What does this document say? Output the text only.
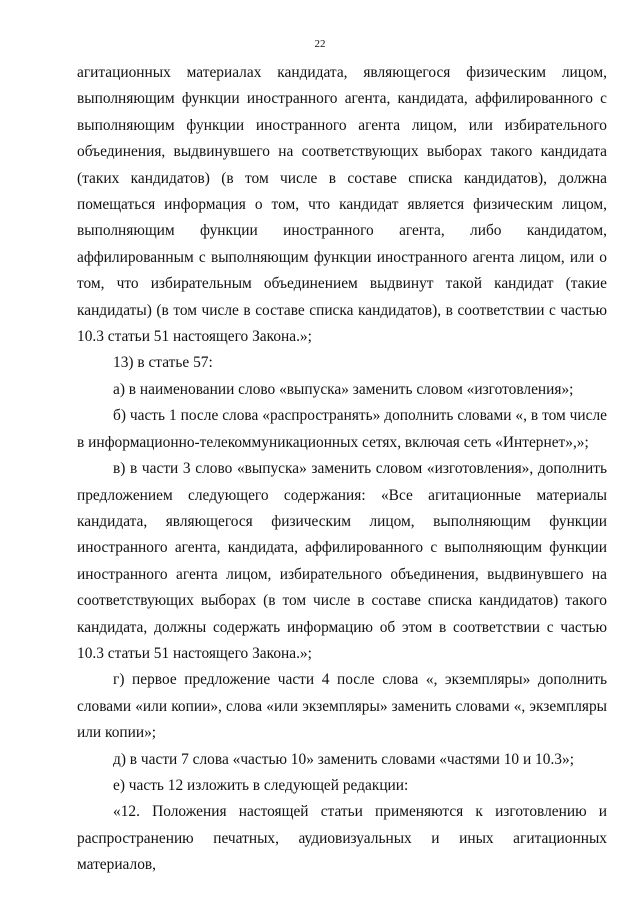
22

агитационных материалах кандидата, являющегося физическим лицом, выполняющим функции иностранного агента, кандидата, аффилированного с выполняющим функции иностранного агента лицом, или избирательного объединения, выдвинувшего на соответствующих выборах такого кандидата (таких кандидатов) (в том числе в составе списка кандидатов), должна помещаться информация о том, что кандидат является физическим лицом, выполняющим функции иностранного агента, либо кандидатом, аффилированным с выполняющим функции иностранного агента лицом, или о том, что избирательным объединением выдвинут такой кандидат (такие кандидаты) (в том числе в составе списка кандидатов), в соответствии с частью 10.3 статьи 51 настоящего Закона.»;

13) в статье 57:

а) в наименовании слово «выпуска» заменить словом «изготовления»;

б) часть 1 после слова «распространять» дополнить словами «, в том числе в информационно-телекоммуникационных сетях, включая сеть «Интернет»,»;

в) в части 3 слово «выпуска» заменить словом «изготовления», дополнить предложением следующего содержания: «Все агитационные материалы кандидата, являющегося физическим лицом, выполняющим функции иностранного агента, кандидата, аффилированного с выполняющим функции иностранного агента лицом, избирательного объединения, выдвинувшего на соответствующих выборах (в том числе в составе списка кандидатов) такого кандидата, должны содержать информацию об этом в соответствии с частью 10.3 статьи 51 настоящего Закона.»;

г) первое предложение части 4 после слова «, экземпляры» дополнить словами «или копии», слова «или экземпляры» заменить словами «, экземпляры или копии»;

д) в части 7 слова «частью 10» заменить словами «частями 10 и 10.3»;

е) часть 12 изложить в следующей редакции:

«12. Положения настоящей статьи применяются к изготовлению и распространению печатных, аудиовизуальных и иных агитационных материалов,
